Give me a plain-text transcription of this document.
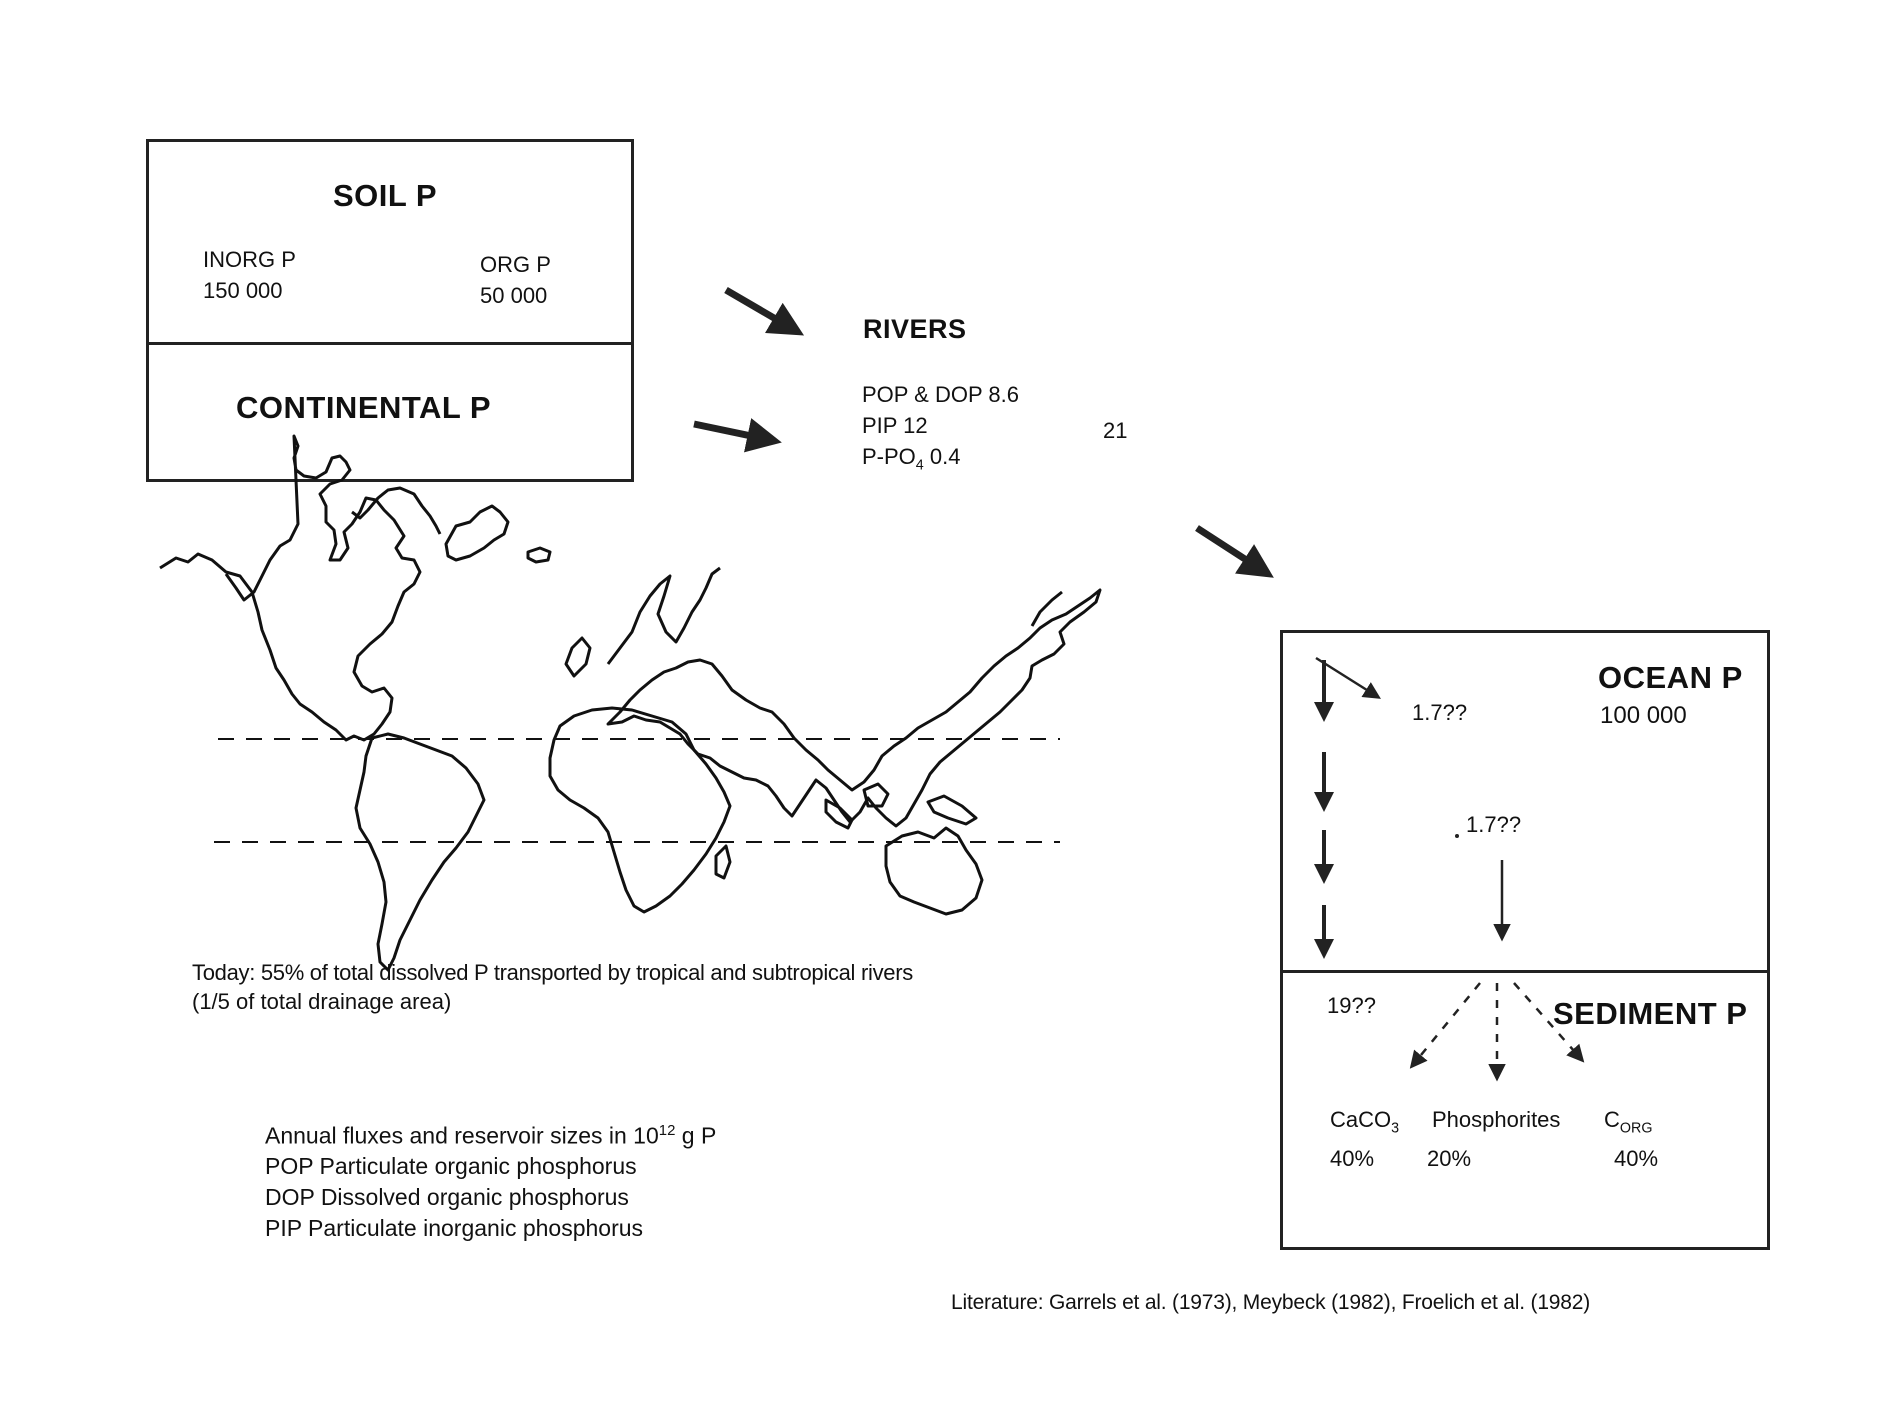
SOIL P
INORG P
150 000
ORG P
50 000
CONTINENTAL P
RIVERS
POP & DOP 8.6
PIP 12
$P-PO_4$ 0.4
21
OCEAN P
100 000
1.7??
1.7??
19??	SEDIMENT P
CaCO$_3$
40%
Phosphorites
20%
$C_{ORG}$
40%
Today: 55% of total dissolved P transported by tropical and subtropical rivers
(1/5 of total drainage area)
Annual fluxes and reservoir sizes in $10^{12}$ g P
POP Particulate organic phosphorus
DOP Dissolved organic phosphorus
PIP Particulate inorganic phosphorus
Literature: Garrels et al. (1973), Meybeck (1982), Froelich et al. (1982)
